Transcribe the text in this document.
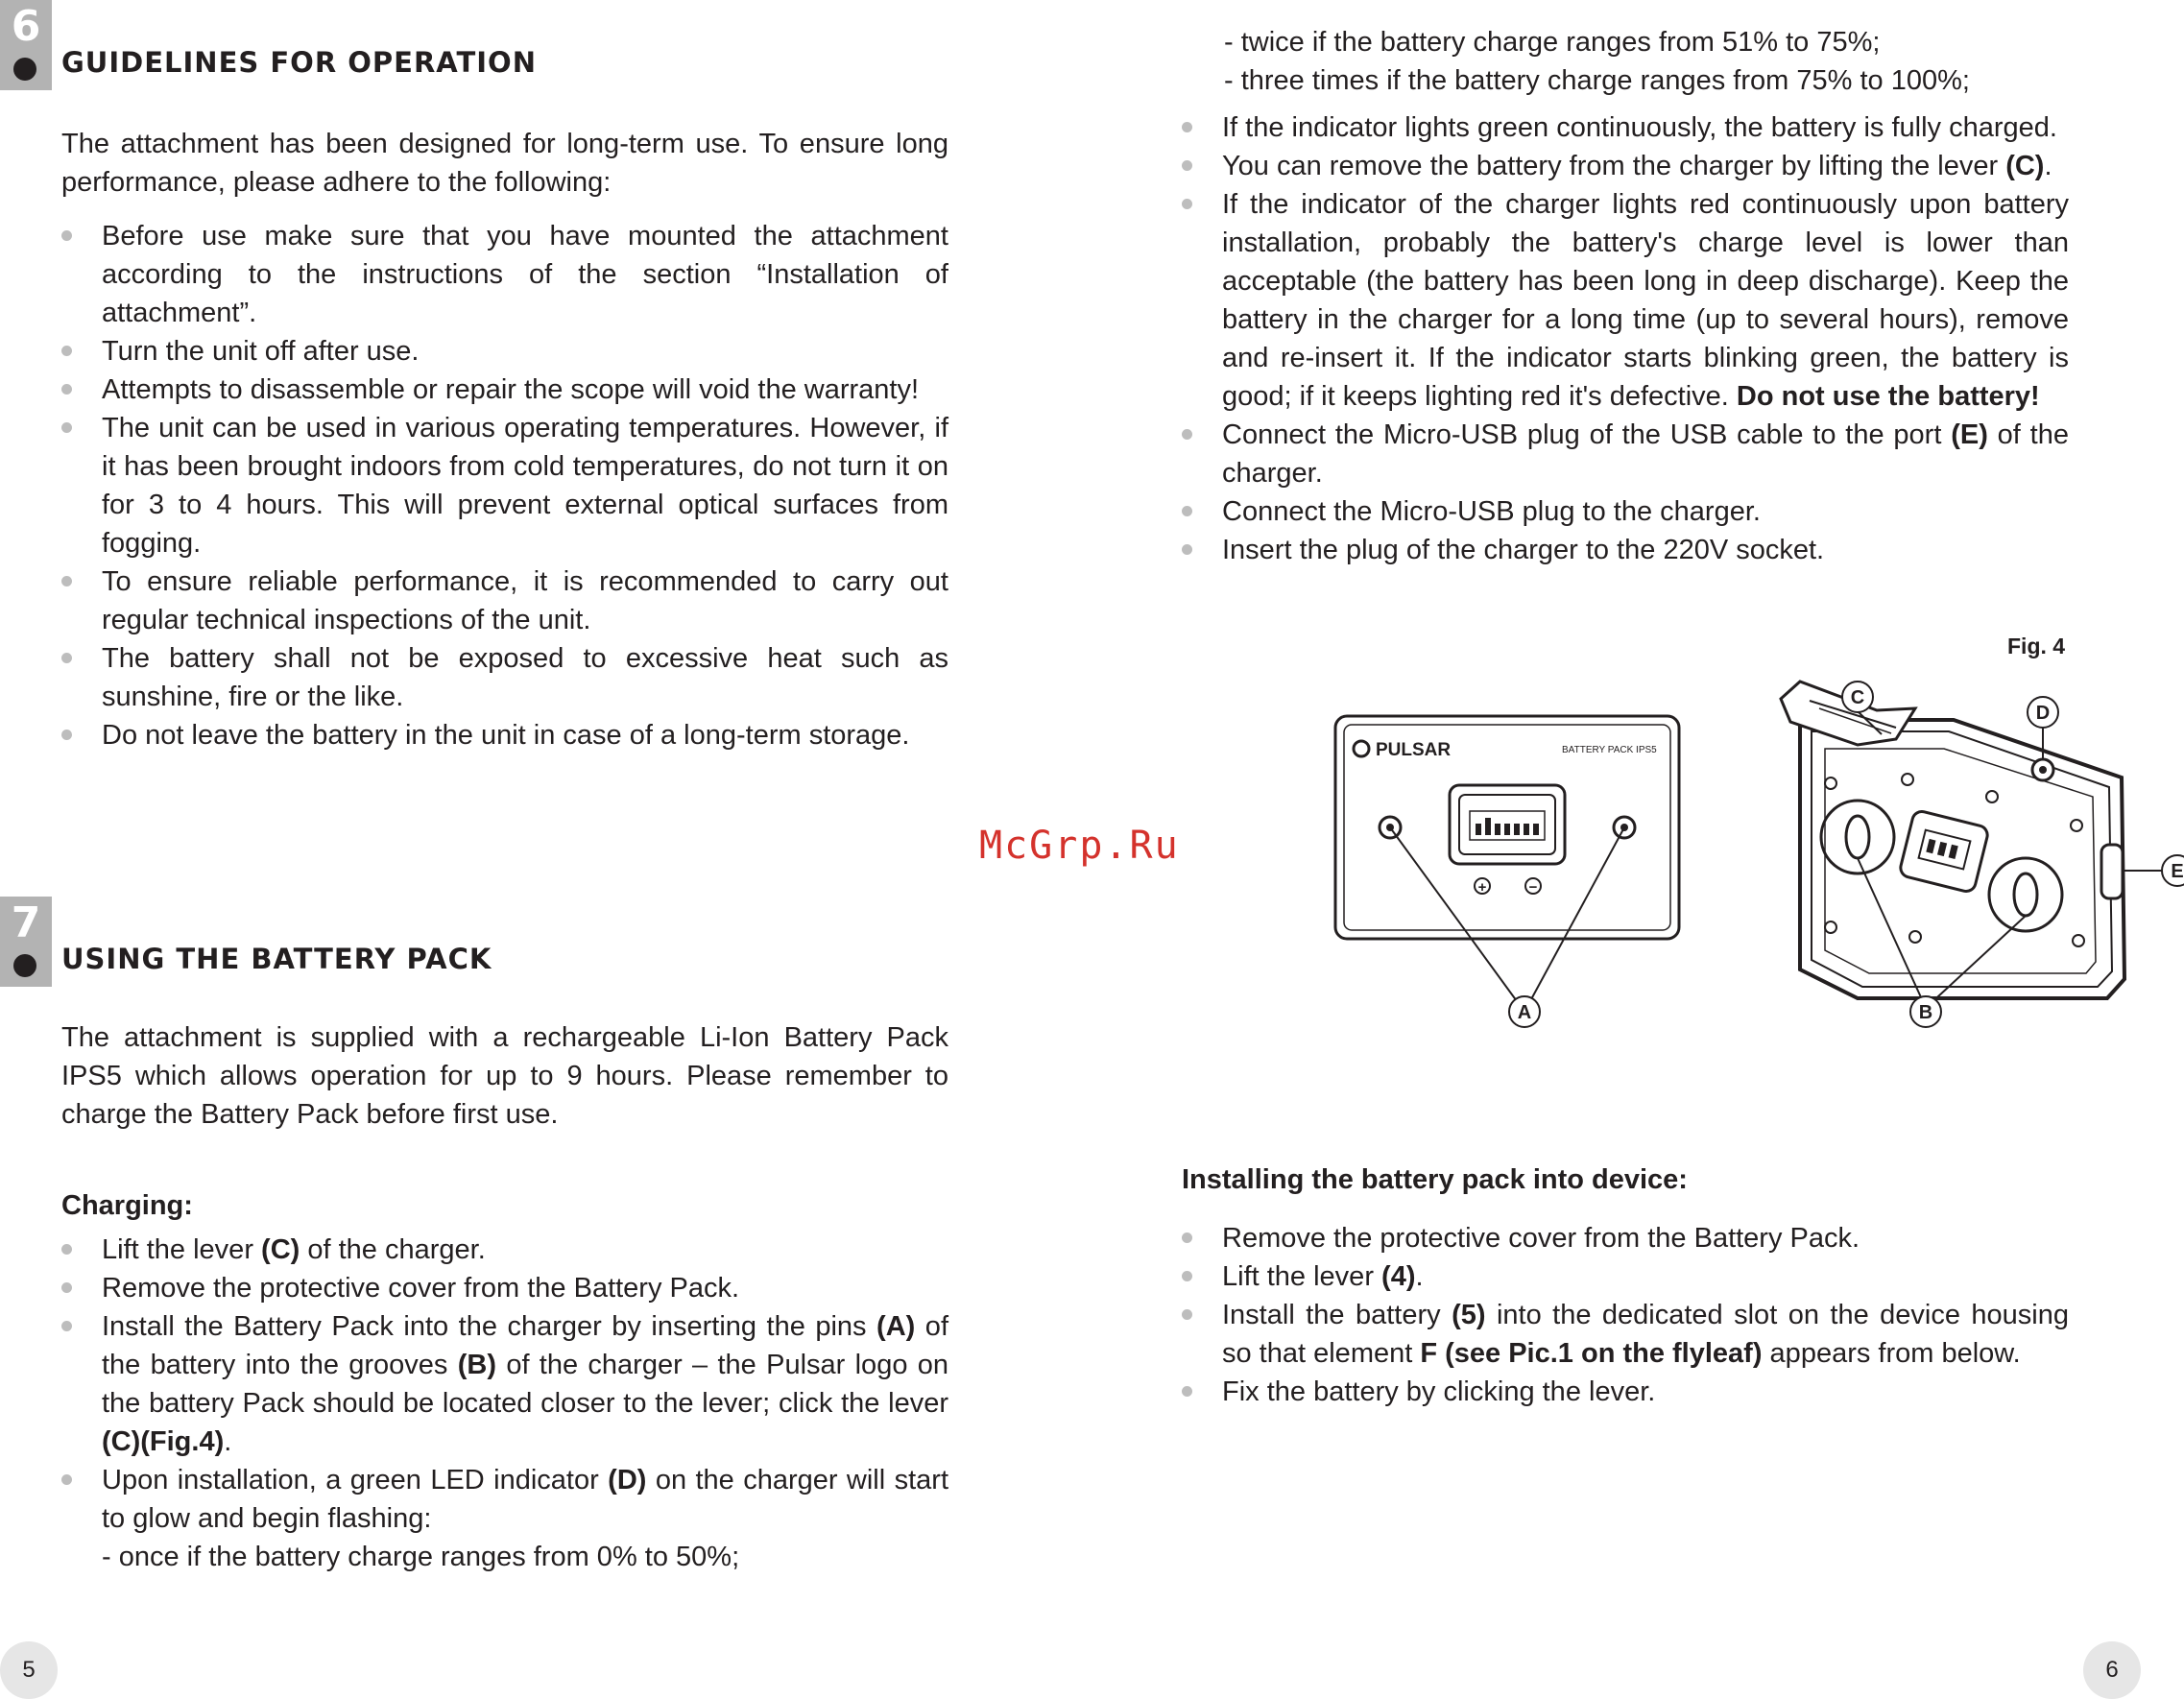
6
GUIDELINES FOR OPERATION
The attachment has been designed for long-term use. To ensure long performance, please adhere to the following:
Before use make sure that you have mounted the attachment according to the instructions of the section “Installation of attachment”.
Turn the unit off after use.
Attempts to disassemble or repair the scope will void the warranty!
The unit can be used in various operating temperatures. However, if it has been brought indoors from cold temperatures, do not turn it on for 3 to 4 hours. This will prevent external optical surfaces from fogging.
To ensure reliable performance, it is recommended to carry out regular technical inspections of the unit.
The battery shall not be exposed to excessive heat such as sunshine, fire or the like.
Do not leave the battery in the unit in case of a long-term storage.
7
USING THE BATTERY PACK
The attachment is supplied with a rechargeable Li-Ion Battery Pack IPS5 which allows operation for up to 9 hours. Please remember to charge the Battery Pack before first use.
Charging:
Lift the lever (C) of the charger.
Remove the protective cover from the Battery Pack.
Install the Battery Pack into the charger by inserting the pins (A) of the battery into the grooves (B) of the charger – the Pulsar logo on the battery Pack should be located closer to the lever; click the lever (C)(Fig.4).
Upon installation, a green LED indicator (D) on the charger will start to glow and begin flashing:
- once if the battery charge ranges from 0% to 50%;
5
- twice if the battery charge ranges from 51% to 75%;
- three times if the battery charge ranges from 75% to 100%;
If the indicator lights green continuously, the battery is fully charged.
You can remove the battery from the charger by lifting the lever (C).
If the indicator of the charger lights red continuously upon battery installation, probably the battery's charge level is lower than acceptable (the battery has been long in deep discharge). Keep the battery in the charger for a long time (up to several hours), remove and re-insert it. If the indicator starts blinking green, the battery is good; if it keeps lighting red it's defective. Do not use the battery!
Connect the Micro-USB plug of the USB cable to the port (E) of the charger.
Connect the Micro-USB plug to the charger.
Insert the plug of the charger to the 220V socket.
Fig. 4
PULSAR	BATTERY PACK IPS5
+	−
A	B
C
D
E
Installing the battery pack into device:
Remove the protective cover from the Battery Pack.
Lift the lever (4).
Install the battery (5) into the dedicated slot on the device housing so that element F (see Pic.1 on the flyleaf) appears from below.
Fix the battery by clicking the lever.
6
McGrp.Ru
